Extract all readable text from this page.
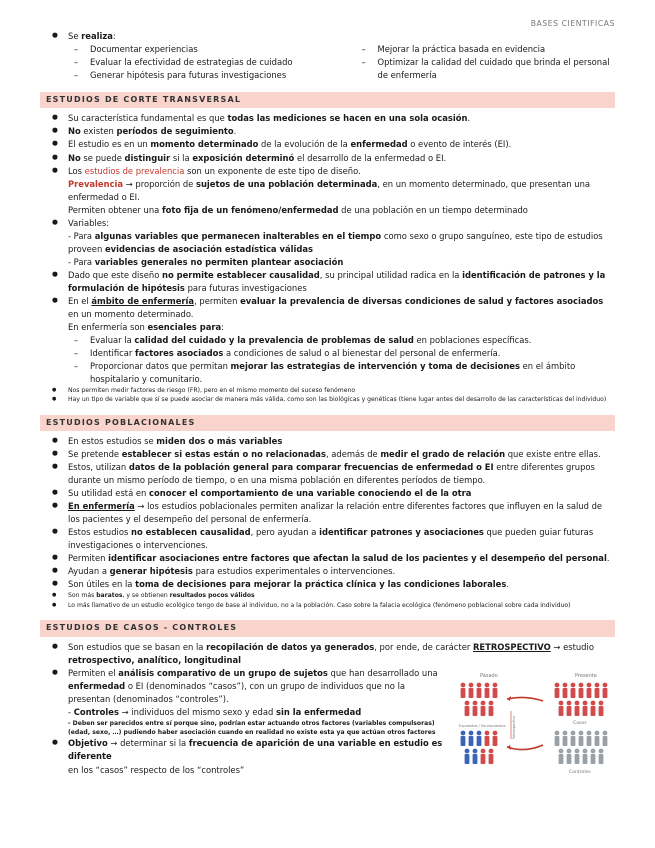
BASES CIENTIFICAS
● Se realiza:
– Documentar experiencias
– Evaluar la efectividad de estrategias de cuidado
– Generar hipótesis para futuras investigaciones
– Mejorar la práctica basada en evidencia
– Optimizar la calidad del cuidado que brinda el personal de enfermería
ESTUDIOS DE CORTE TRANSVERSAL
● Su característica fundamental es que todas las mediciones se hacen en una sola ocasión.
● No existen períodos de seguimiento.
● El estudio es en un momento determinado de la evolución de la enfermedad o evento de interés (EI).
● No se puede distinguir si la exposición determinó el desarrollo de la enfermedad o EI.
● Los estudios de prevalencia son un exponente de este tipo de diseño.
Prevalencia → proporción de sujetos de una población determinada, en un momento determinado, que presentan una enfermedad o EI.
Permiten obtener una foto fija de un fenómeno/enfermedad de una población en un tiempo determinado
● Variables:
- Para algunas variables que permanecen inalterables en el tiempo como sexo o grupo sanguíneo, este tipo de estudios proveen evidencias de asociación estadística válidas
- Para variables generales no permiten plantear asociación
● Dado que este diseño no permite establecer causalidad, su principal utilidad radica en la identificación de patrones y la formulación de hipótesis para futuras investigaciones
● En el ámbito de enfermería, permiten evaluar la prevalencia de diversas condiciones de salud y factores asociados en un momento determinado.
En enfermería son esenciales para:
– Evaluar la calidad del cuidado y la prevalencia de problemas de salud en poblaciones específicas.
– Identificar factores asociados a condiciones de salud o al bienestar del personal de enfermería.
– Proporcionar datos que permitan mejorar las estrategias de intervención y toma de decisiones en el ámbito hospitalario y comunitario.
● Nos permiten medir factores de riesgo (FR), pero en el mismo momento del suceso fenómeno
● Hay un tipo de variable que sí se puede asociar de manera más válida, como son las biológicas y genéticas (tiene lugar antes del desarrollo de las características del individuo)
ESTUDIOS POBLACIONALES
● En estos estudios se miden dos o más variables
● Se pretende establecer si estas están o no relacionadas, además de medir el grado de relación que existe entre ellas.
● Estos, utilizan datos de la población general para comparar frecuencias de enfermedad o EI entre diferentes grupos durante un mismo período de tiempo, o en una misma población en diferentes períodos de tiempo.
● Su utilidad está en conocer el comportamiento de una variable conociendo el de la otra
● En enfermería → los estudios poblacionales permiten analizar la relación entre diferentes factores que influyen en la salud de los pacientes y el desempeño del personal de enfermería.
● Estos estudios no establecen causalidad, pero ayudan a identificar patrones y asociaciones que pueden guiar futuras investigaciones o intervenciones.
● Permiten identificar asociaciones entre factores que afectan la salud de los pacientes y el desempeño del personal.
● Ayudan a generar hipótesis para estudios experimentales o intervenciones.
● Son útiles en la toma de decisiones para mejorar la práctica clínica y las condiciones laborales.
● Son más baratos, y se obtienen resultados pocos válidos
● Lo más llamativo de un estudio ecológico tengo de base al individuo, no a la población. Caso sobre la falacia ecológica (fenómeno poblacional sobre cada individuo)
ESTUDIOS DE CASOS - CONTROLES
● Son estudios que se basan en la recopilación de datos ya generados, por ende, de carácter RETROSPECTIVO → estudio retrospectivo, analítico, longitudinal
● Permiten el análisis comparativo de un grupo de sujetos que han desarrollado una enfermedad o EI (denominados “casos”), con un grupo de individuos que no la presentan (denominados “controles”).
- Controles → individuos del mismo sexo y edad sin la enfermedad
- Deben ser parecidos entre sí porque sino, podrían estar actuando otros factores (variables compulsoras) (edad, sexo, …) pudiendo haber asociación cuando en realidad no existe esta ya que actúan otros factores
● Objetivo → determinar si la frecuencia de aparición de una variable en estudio es diferente
en los “casos” respecto de los “controles”
Pasado	Presente
Expuestos / No expuestos Retrospectivo	Casos
Controles
